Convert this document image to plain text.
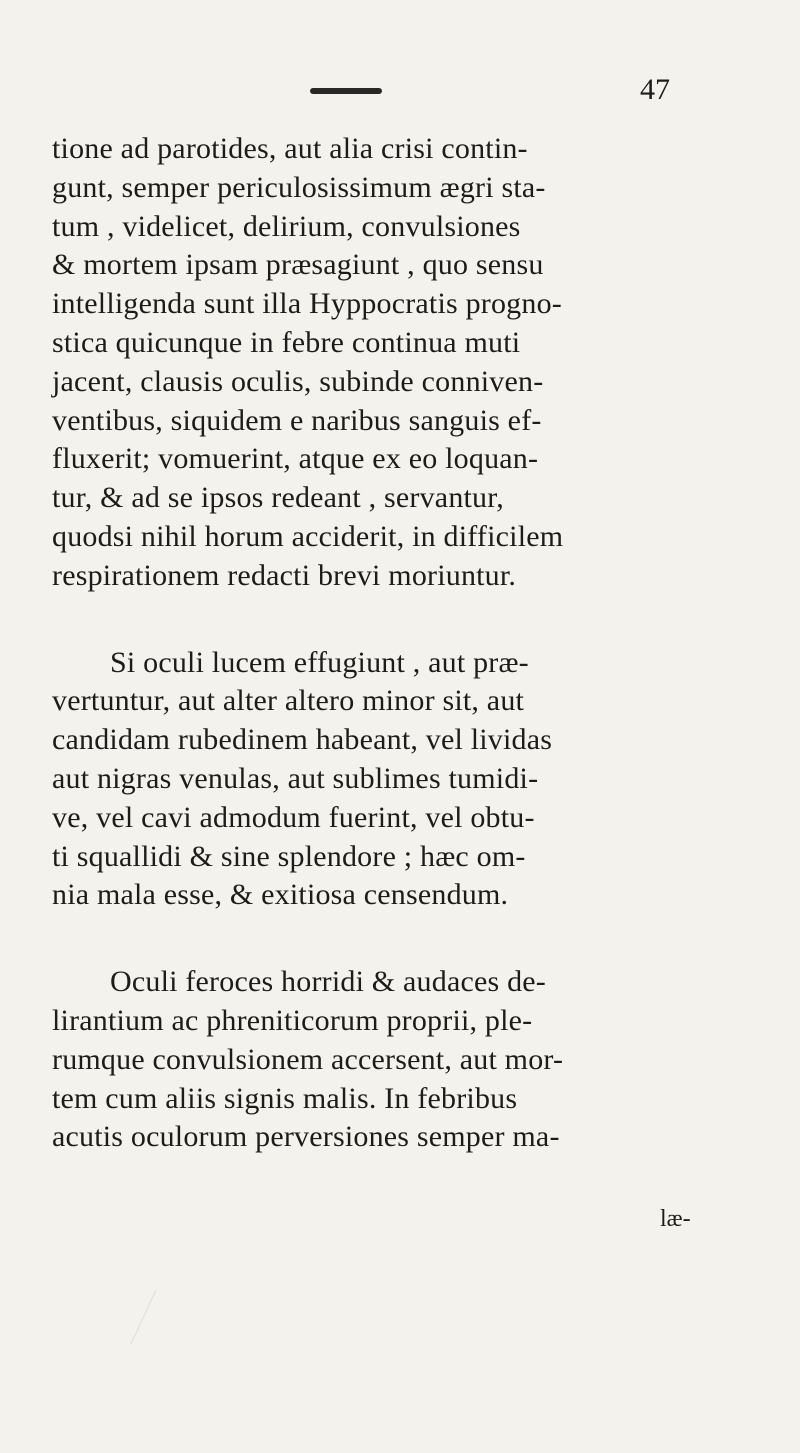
47
tione ad parotides, aut alia crisi contin-
gunt, semper periculosissimum ægri sta-
tum , videlicet, delirium, convulsiones
& mortem ipsam præsagiunt , quo sensu
intelligenda sunt illa Hyppocratis progno-
stica quicunque in febre continua muti
jacent, clausis oculis, subinde conniven-
ventibus, siquidem e naribus sanguis ef-
fluxerit; vomuerint, atque ex eo loquan-
tur, & ad se ipsos redeant , servantur,
quodsi nihil horum acciderit, in difficilem
respirationem redacti brevi moriuntur.
Si oculi lucem effugiunt , aut præ-
vertuntur, aut alter altero minor sit, aut
candidam rubedinem habeant, vel lividas
aut nigras venulas, aut sublimes tumidi-
ve, vel cavi admodum fuerint, vel obtu-
ti squallidi & sine splendore ; hæc om-
nia mala esse, & exitiosa censendum.
Oculi feroces horridi & audaces de-
lirantium ac phreniticorum proprii, ple-
rumque convulsionem accersent, aut mor-
tem cum aliis signis malis. In febribus
acutis oculorum perversiones semper ma-
læ-
